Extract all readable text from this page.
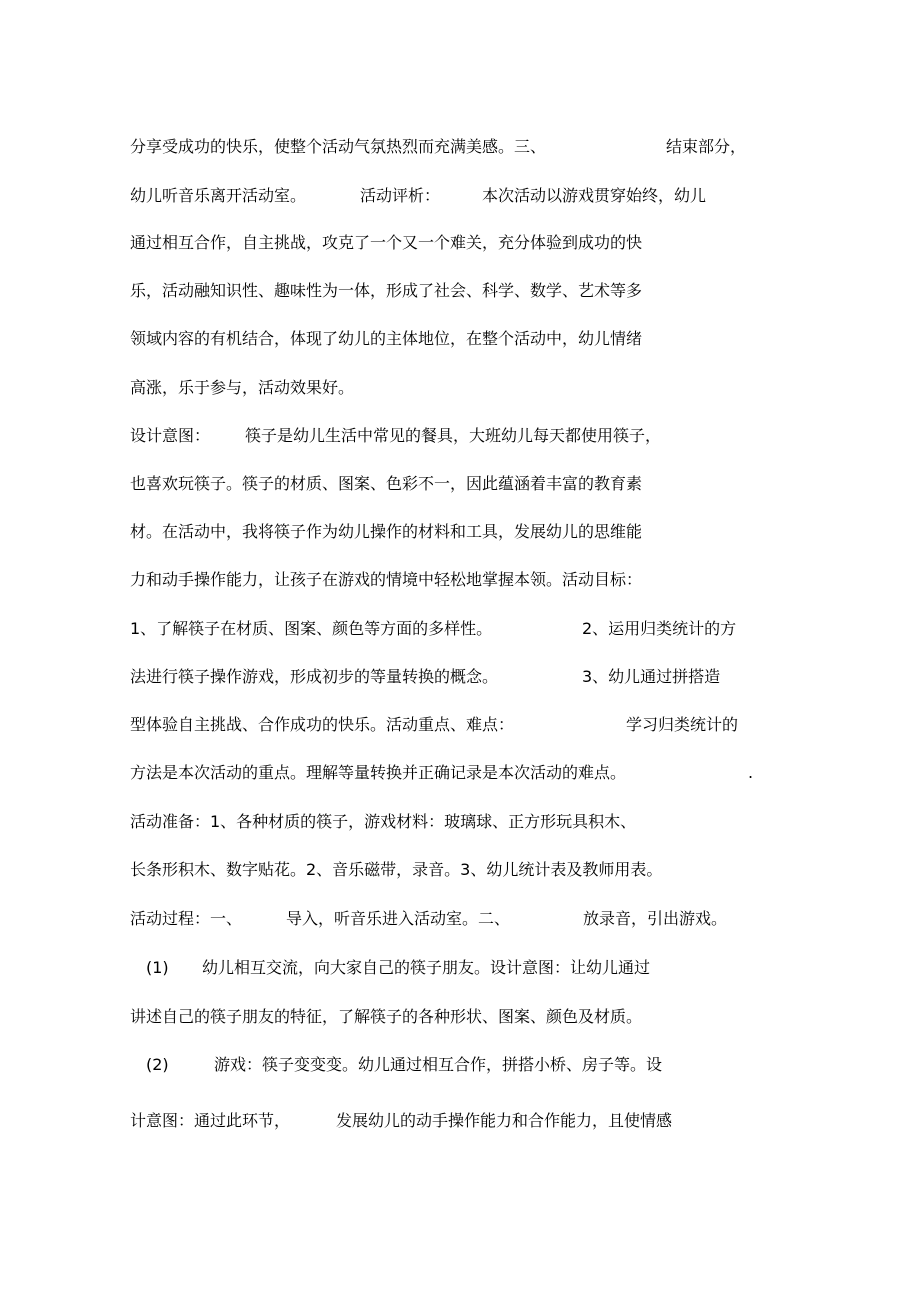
分享受成功的快乐，使整个活动气氛热烈而充满美感。三、	结束部分，
幼儿听音乐离开活动室。	活动评析：	本次活动以游戏贯穿始终，幼儿
通过相互合作，自主挑战，攻克了一个又一个难关，充分体验到成功的快
乐，活动融知识性、趣味性为一体，形成了社会、科学、数学、艺术等多
领域内容的有机结合，体现了幼儿的主体地位，在整个活动中，幼儿情绪
高涨，乐于参与，活动效果好。
设计意图： 筷子是幼儿生活中常见的餐具，大班幼儿每天都使用筷子，
也喜欢玩筷子。筷子的材质、图案、色彩不一，因此蕴涵着丰富的教育素
材。在活动中，我将筷子作为幼儿操作的材料和工具，发展幼儿的思维能
力和动手操作能力，让孩子在游戏的情境中轻松地掌握本领。活动目标：
1、了解筷子在材质、图案、颜色等方面的多样性。	2、运用归类统计的方
法进行筷子操作游戏，形成初步的等量转换的概念。	3、幼儿通过拼搭造
型体验自主挑战、合作成功的快乐。活动重点、难点：	学习归类统计的
方法是本次活动的重点。理解等量转换并正确记录是本次活动的难点。	.
活动准备：1、各种材质的筷子，游戏材料：玻璃球、正方形玩具积木、
长条形积木、数字贴花。2、音乐磁带，录音。3、幼儿统计表及教师用表。
活动过程：一、	导入，听音乐进入活动室。二、	放录音，引出游戏。
(1) 幼儿相互交流，向大家自己的筷子朋友。设计意图：让幼儿通过
讲述自己的筷子朋友的特征，了解筷子的各种形状、图案、颜色及材质。
(2)	游戏：筷子变变变。幼儿通过相互合作，拼搭小桥、房子等。设
计意图：通过此环节，	发展幼儿的动手操作能力和合作能力，且使情感
